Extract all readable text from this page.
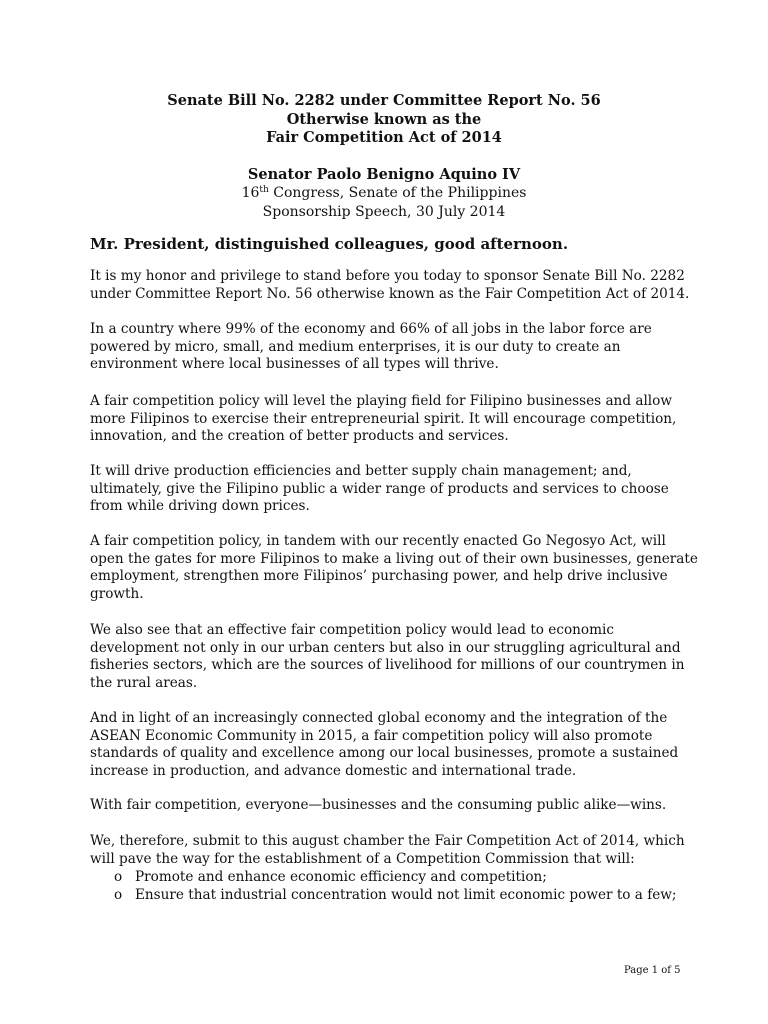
Senate Bill No. 2282 under Committee Report No. 56
Otherwise known as the
Fair Competition Act of 2014
Senator Paolo Benigno Aquino IV
16th Congress, Senate of the Philippines
Sponsorship Speech, 30 July 2014
Mr. President, distinguished colleagues, good afternoon.

It is my honor and privilege to stand before you today to sponsor Senate Bill No. 2282
under Committee Report No. 56 otherwise known as the Fair Competition Act of 2014.

In a country where 99% of the economy and 66% of all jobs in the labor force are
powered by micro, small, and medium enterprises, it is our duty to create an
environment where local businesses of all types will thrive.

A fair competition policy will level the playing field for Filipino businesses and allow
more Filipinos to exercise their entrepreneurial spirit. It will encourage competition,
innovation, and the creation of better products and services.

It will drive production efficiencies and better supply chain management; and,
ultimately, give the Filipino public a wider range of products and services to choose
from while driving down prices.

A fair competition policy, in tandem with our recently enacted Go Negosyo Act, will
open the gates for more Filipinos to make a living out of their own businesses, generate
employment, strengthen more Filipinos’ purchasing power, and help drive inclusive
growth.

We also see that an effective fair competition policy would lead to economic
development not only in our urban centers but also in our struggling agricultural and
fisheries sectors, which are the sources of livelihood for millions of our countrymen in
the rural areas.

And in light of an increasingly connected global economy and the integration of the
ASEAN Economic Community in 2015, a fair competition policy will also promote
standards of quality and excellence among our local businesses, promote a sustained
increase in production, and advance domestic and international trade.

With fair competition, everyone—businesses and the consuming public alike—wins.

We, therefore, submit to this august chamber the Fair Competition Act of 2014, which
will pave the way for the establishment of a Competition Commission that will:

o Promote and enhance economic efficiency and competition;
o Ensure that industrial concentration would not limit economic power to a few;
Page 1 of 5
